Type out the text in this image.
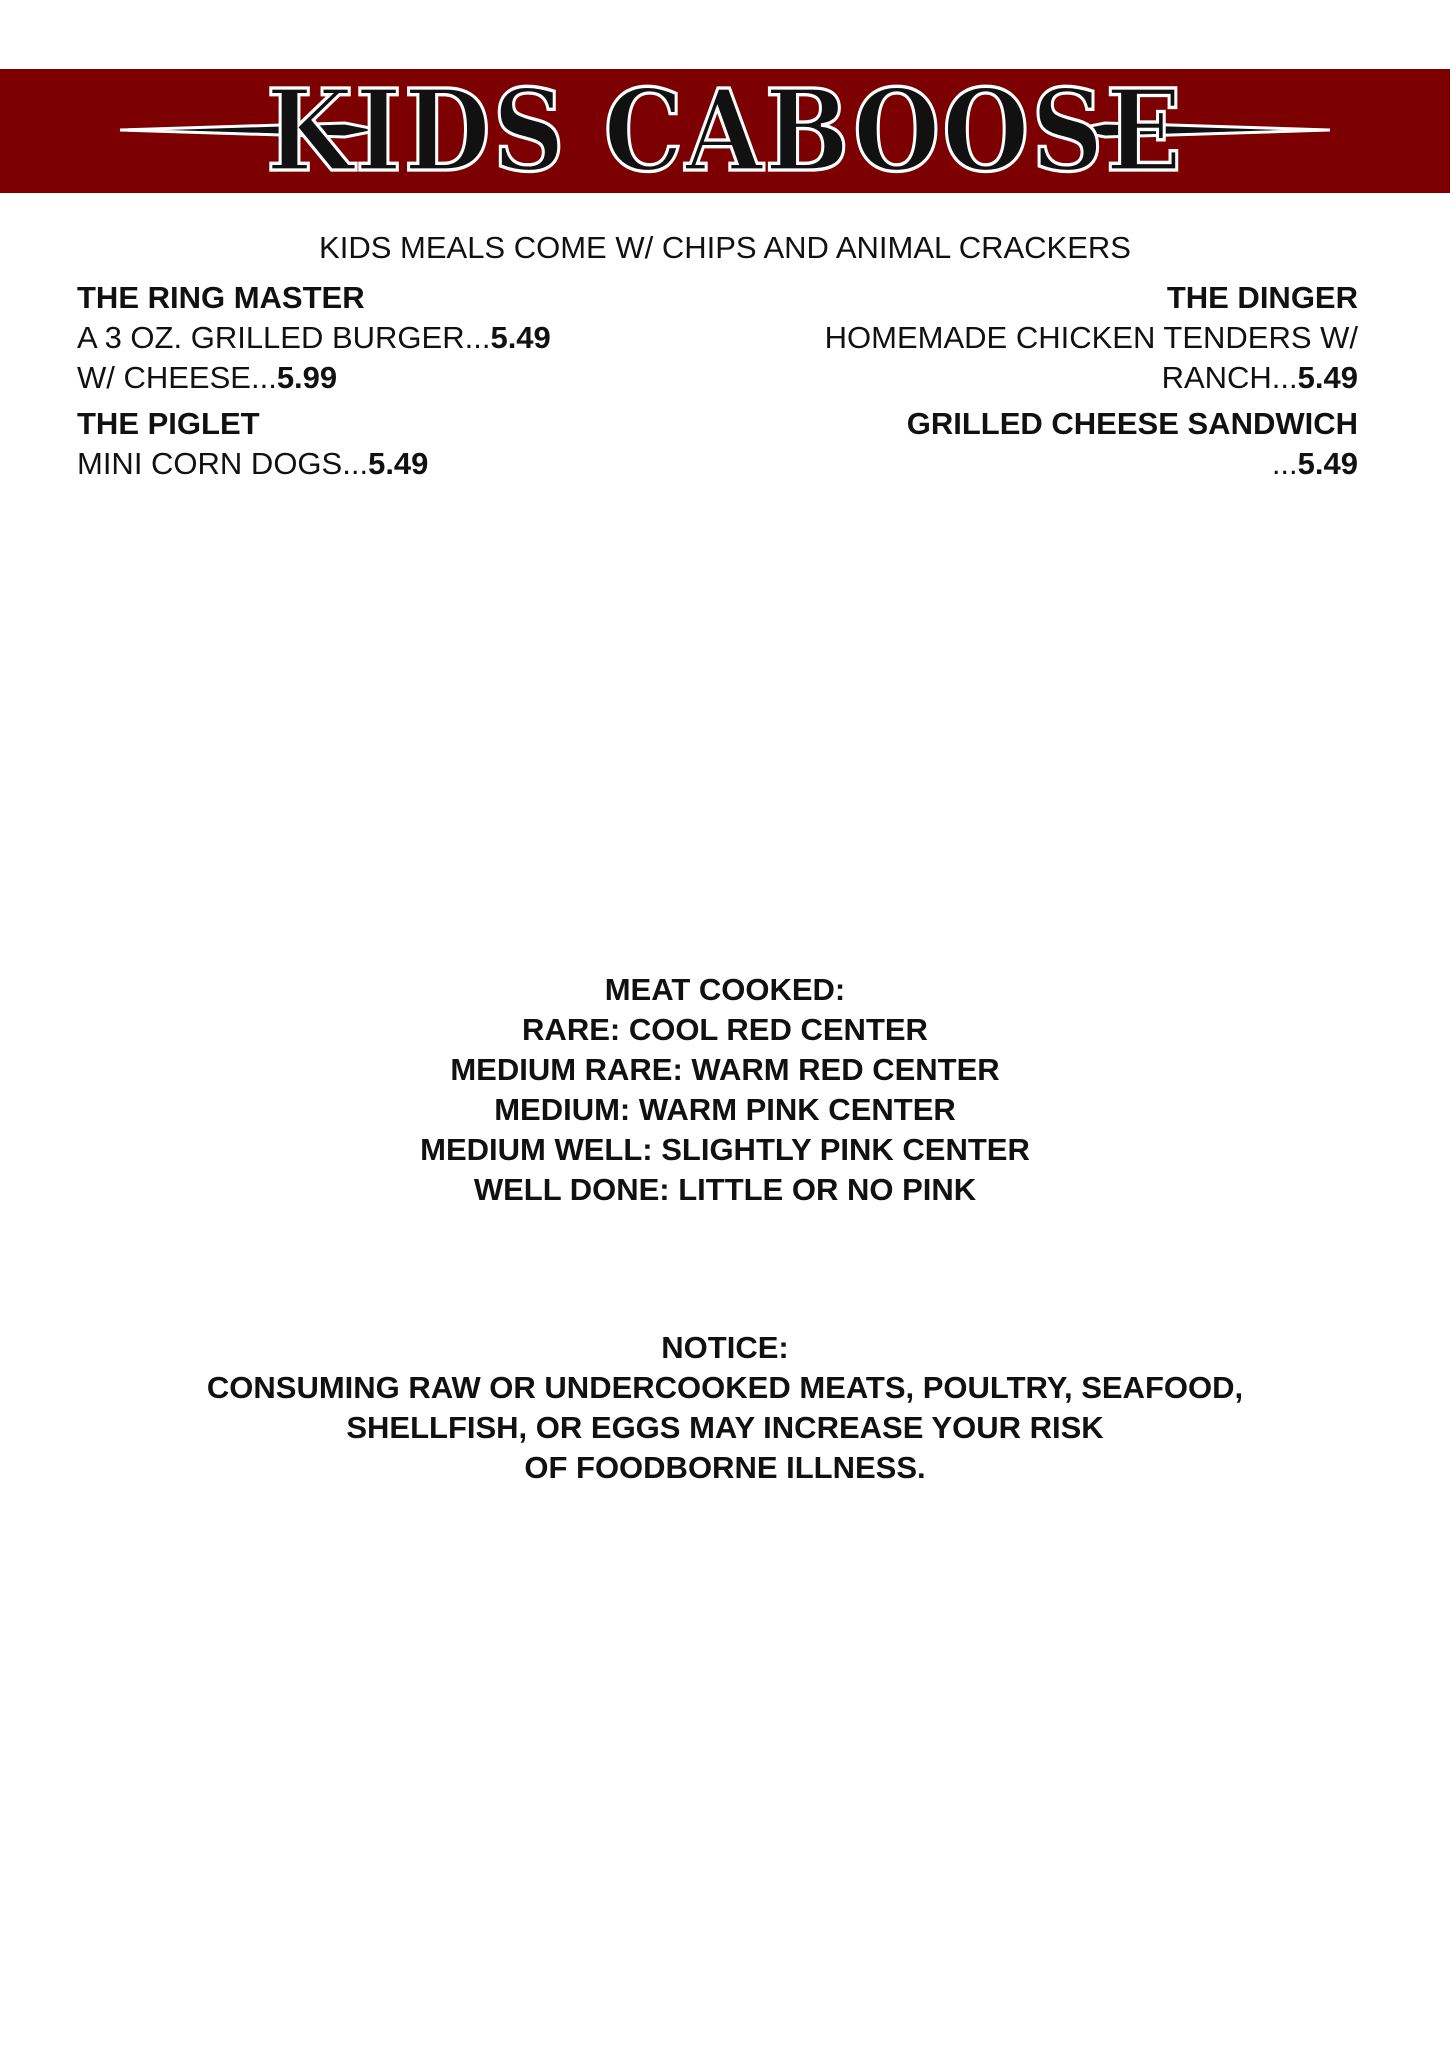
KIDS CABOOSE
KIDS MEALS COME W/ CHIPS AND ANIMAL CRACKERS
THE RING MASTER
A 3 OZ. GRILLED BURGER...5.49
W/ CHEESE...5.99
THE PIGLET
MINI CORN DOGS...5.49
THE DINGER
HOMEMADE CHICKEN TENDERS W/
RANCH...5.49
GRILLED CHEESE SANDWICH
...5.49
MEAT COOKED:
RARE: COOL RED CENTER
MEDIUM RARE: WARM RED CENTER
MEDIUM: WARM PINK CENTER
MEDIUM WELL: SLIGHTLY PINK CENTER
WELL DONE: LITTLE OR NO PINK
NOTICE:
CONSUMING RAW OR UNDERCOOKED MEATS, POULTRY, SEAFOOD,
SHELLFISH, OR EGGS MAY INCREASE YOUR RISK
OF FOODBORNE ILLNESS.
